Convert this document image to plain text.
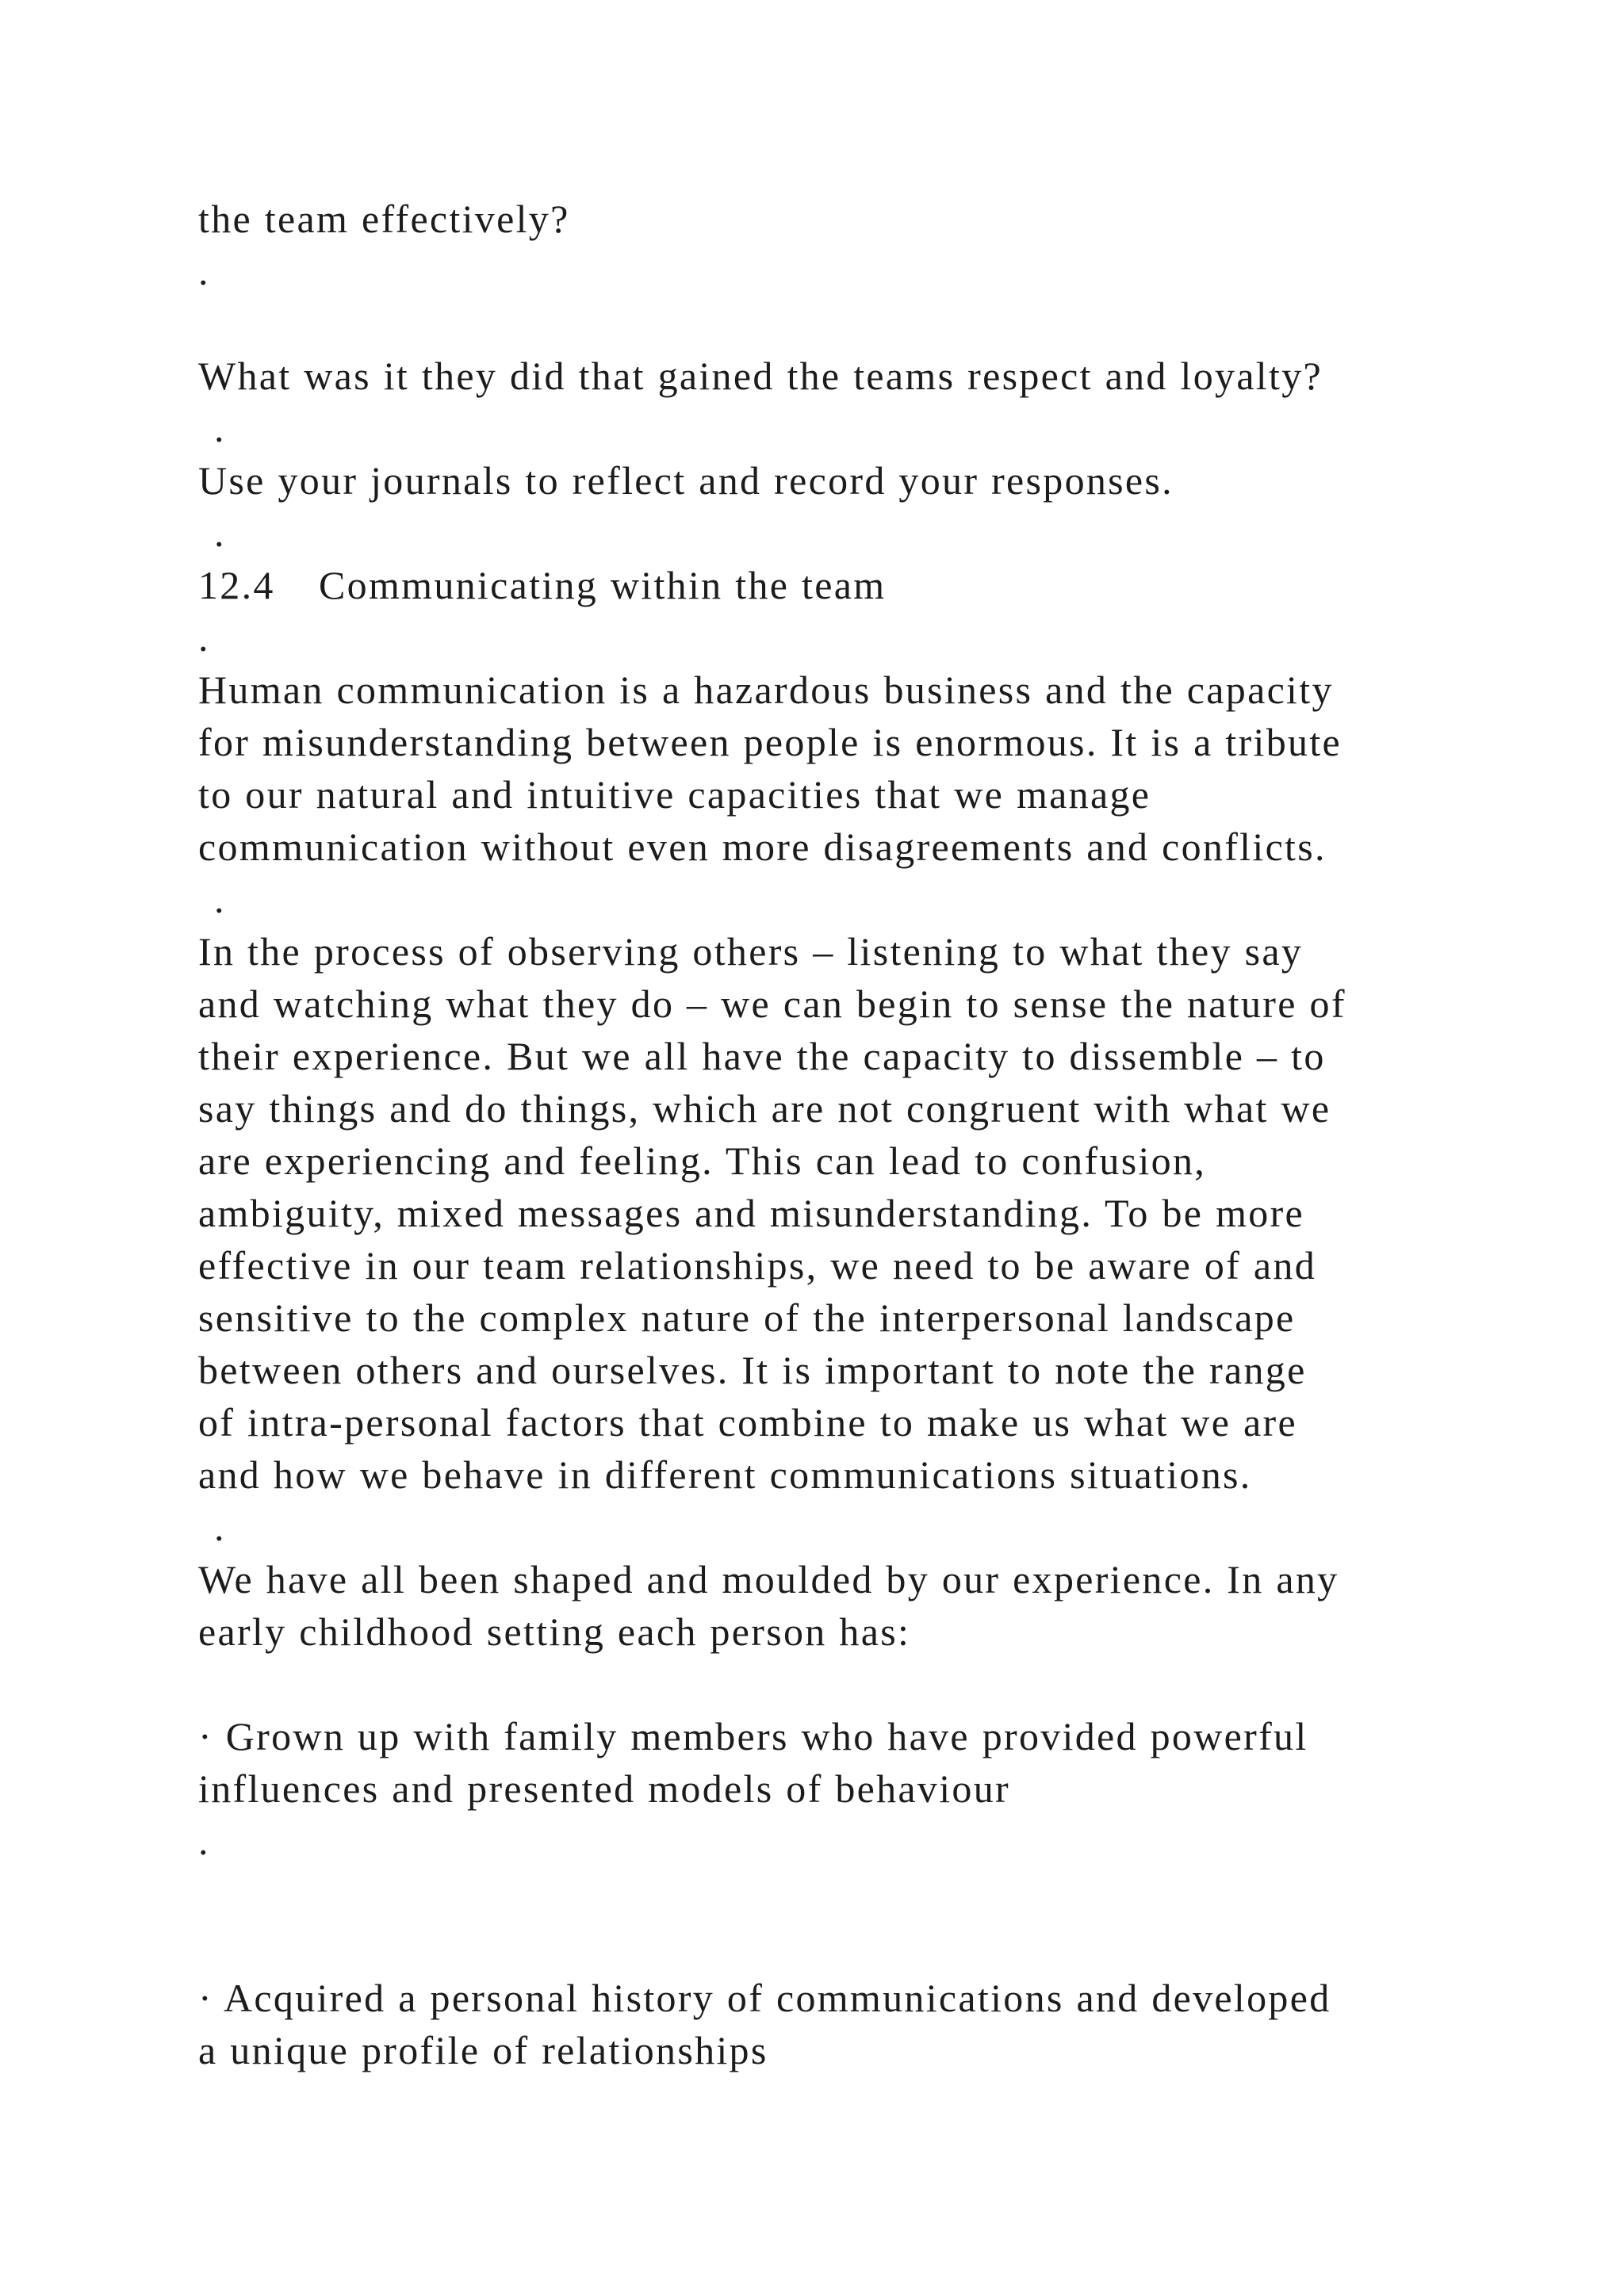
the team effectively?
.
What was it they did that gained the teams respect and loyalty?
.
Use your journals to reflect and record your responses.
.
12.4 Communicating within the team
.
Human communication is a hazardous business and the capacity
for misunderstanding between people is enormous. It is a tribute
to our natural and intuitive capacities that we manage
communication without even more disagreements and conflicts.
.
In the process of observing others – listening to what they say
and watching what they do – we can begin to sense the nature of
their experience. But we all have the capacity to dissemble – to
say things and do things, which are not congruent with what we
are experiencing and feeling. This can lead to confusion,
ambiguity, mixed messages and misunderstanding. To be more
effective in our team relationships, we need to be aware of and
sensitive to the complex nature of the interpersonal landscape
between others and ourselves. It is important to note the range
of intra-personal factors that combine to make us what we are
and how we behave in different communications situations.
.
We have all been shaped and moulded by our experience. In any
early childhood setting each person has:
· Grown up with family members who have provided powerful
influences and presented models of behaviour
.
· Acquired a personal history of communications and developed
a unique profile of relationships
